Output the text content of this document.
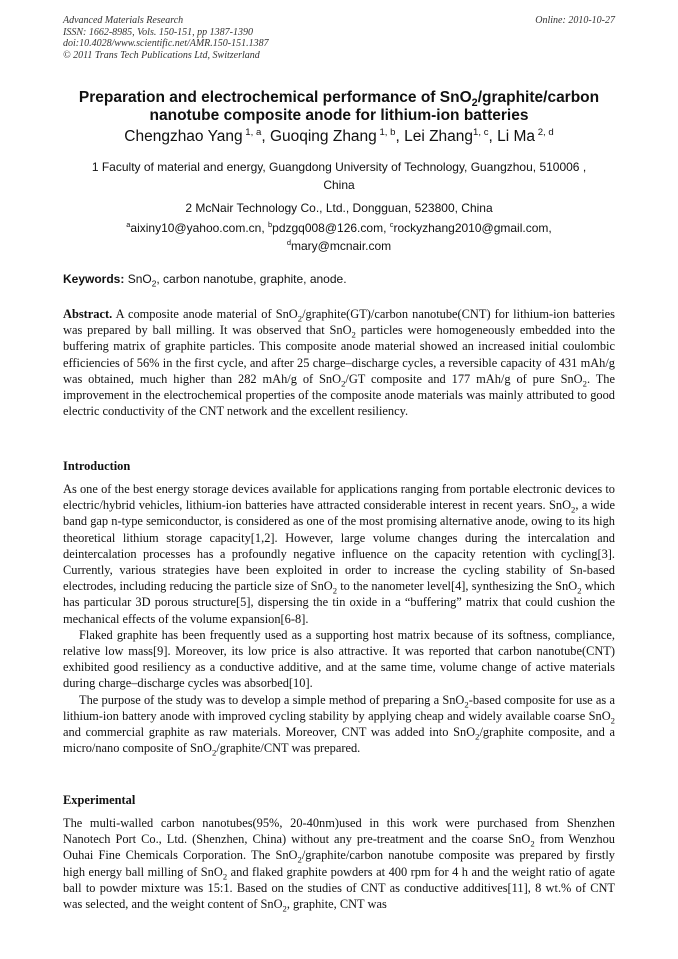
Advanced Materials Research
ISSN: 1662-8985, Vols. 150-151, pp 1387-1390
doi:10.4028/www.scientific.net/AMR.150-151.1387
© 2011 Trans Tech Publications Ltd, Switzerland
Online: 2010-10-27
Preparation and electrochemical performance of SnO$_2$/graphite/carbon
nanotube composite anode for lithium-ion batteries
Chengzhao Yang $^{1, a}$, Guoqing Zhang $^{1, b}$, Lei Zhang$^{1, c}$, Li Ma $^{2, d}$
1 Faculty of material and energy, Guangdong University of Technology, Guangzhou, 510006 ,
China
2 McNair Technology Co., Ltd., Dongguan, 523800, China
$^a$aixiny10@yahoo.com.cn, $^b$pdzgq008@126.com, $^c$rockyzhang2010@gmail.com,
$^d$mary@mcnair.com
Keywords: SnO$_2$, carbon nanotube, graphite, anode.

Abstract. A composite anode material of SnO$_2$/graphite(GT)/carbon nanotube(CNT) for lithium-ion batteries was prepared by ball milling. It was observed that SnO$_2$ particles were homogeneously embedded into the buffering matrix of graphite particles. This composite anode material showed an increased initial coulombic efficiencies of 56% in the first cycle, and after 25 charge–discharge cycles, a reversible capacity of 431 mAh/g was obtained, much higher than 282 mAh/g of SnO$_2$/GT composite and 177 mAh/g of pure SnO$_2$. The improvement in the electrochemical properties of the composite anode materials was mainly attributed to good electric conductivity of the CNT network and the excellent resiliency.

Introduction

As one of the best energy storage devices available for applications ranging from portable electronic devices to electric/hybrid vehicles, lithium-ion batteries have attracted considerable interest in recent years. SnO$_2$, a wide band gap n-type semiconductor, is considered as one of the most promising alternative anode, owing to its high theoretical lithium storage capacity[1,2]. However, large volume changes during the intercalation and deintercalation processes has a profoundly negative influence on the capacity retention with cycling[3]. Currently, various strategies have been exploited in order to increase the cycling stability of Sn-based electrodes, including reducing the particle size of SnO$_2$ to the nanometer level[4], synthesizing the SnO$_2$ which has particular 3D porous structure[5], dispersing the tin oxide in a “buffering” matrix that could cushion the mechanical effects of the volume expansion[6-8].

Flaked graphite has been frequently used as a supporting host matrix because of its softness, compliance, relative low mass[9]. Moreover, its low price is also attractive. It was reported that carbon nanotube(CNT) exhibited good resiliency as a conductive additive, and at the same time, volume change of active materials during charge–discharge cycles was absorbed[10].

The purpose of the study was to develop a simple method of preparing a SnO$_2$-based composite for use as a lithium-ion battery anode with improved cycling stability by applying cheap and widely available coarse SnO$_2$ and commercial graphite as raw materials. Moreover, CNT was added into SnO$_2$/graphite composite, and a micro/nano composite of SnO$_2$/graphite/CNT was prepared.

Experimental

The multi-walled carbon nanotubes(95%, 20-40nm)used in this work were purchased from Shenzhen Nanotech Port Co., Ltd. (Shenzhen, China) without any pre-treatment and the coarse SnO$_2$ from Wenzhou Ouhai Fine Chemicals Corporation. The SnO$_2$/graphite/carbon nanotube composite was prepared by firstly high energy ball milling of SnO$_2$ and flaked graphite powders at 400 rpm for 4 h and the weight ratio of agate ball to powder mixture was 15:1. Based on the studies of CNT as conductive additives[11], 8 wt.% of CNT was selected, and the weight content of SnO$_2$, graphite, CNT was
